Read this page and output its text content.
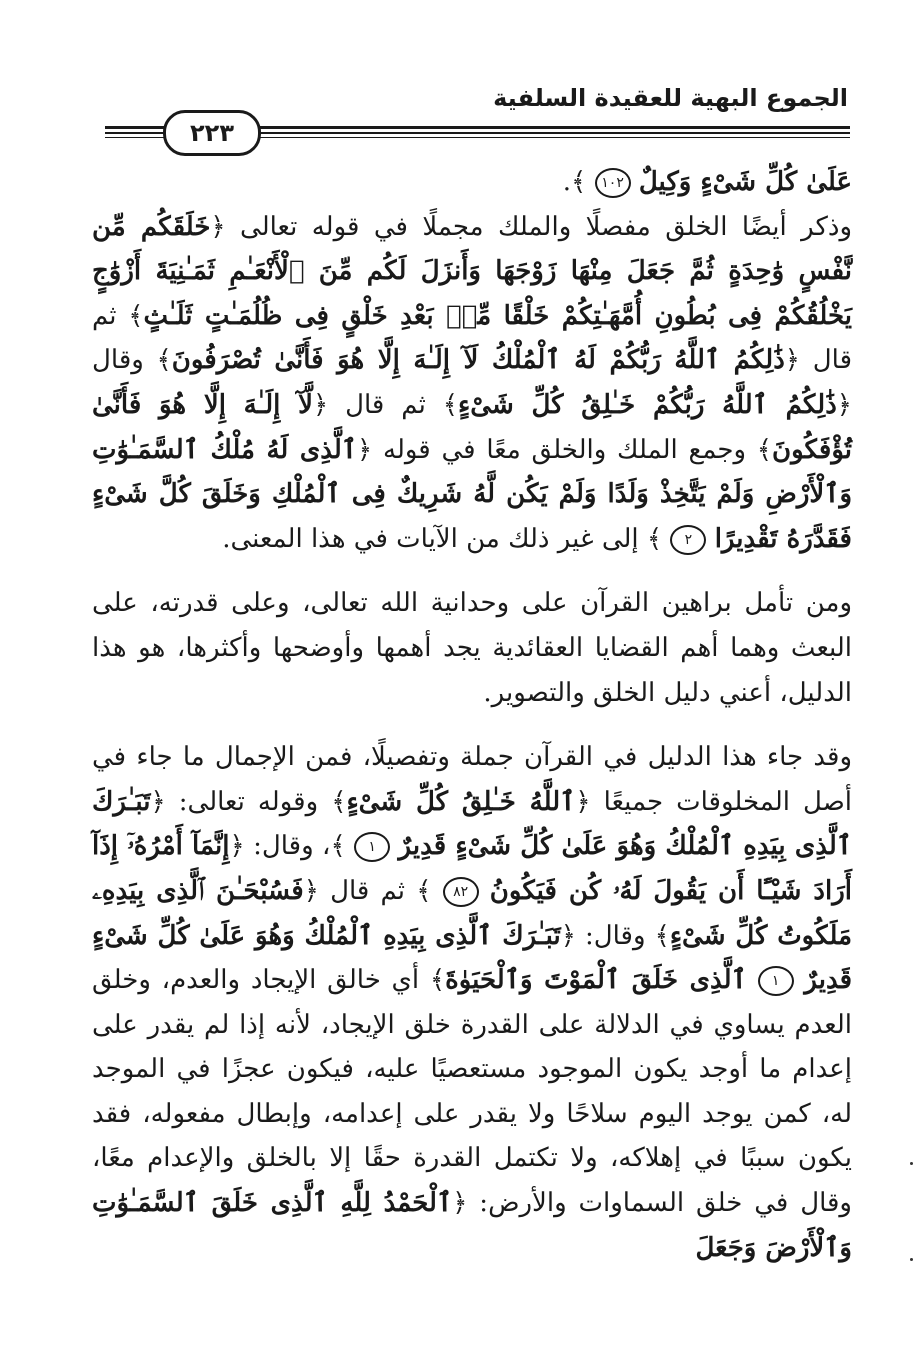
الجموع البهية للعقيدة السلفية
٢٢٣

عَلَىٰ كُلِّ شَىْءٍ وَكِيلٌ ١٠٢ ﴾.

وذكر أيضًا الخلق مفصلًا والملك مجملًا في قوله تعالى ﴿خَلَقَكُم مِّن نَّفْسٍ وَٰحِدَةٍ ثُمَّ جَعَلَ مِنْهَا زَوْجَهَا وَأَنزَلَ لَكُم مِّنَ ٱلْأَنْعَـٰمِ ثَمَـٰنِيَةَ أَزْوَٰجٍ يَخْلُقُكُمْ فِى بُطُونِ أُمَّهَـٰتِكُمْ خَلْقًا مِّنۢ بَعْدِ خَلْقٍ فِى ظُلُمَـٰتٍ ثَلَـٰثٍ﴾ ثم قال ﴿ذَٰلِكُمُ ٱللَّهُ رَبُّكُمْ لَهُ ٱلْمُلْكُ لَآ إِلَـٰهَ إِلَّا هُوَ فَأَنَّىٰ تُصْرَفُونَ﴾ وقال ﴿ذَٰلِكُمُ ٱللَّهُ رَبُّكُمْ خَـٰلِقُ كُلِّ شَىْءٍ﴾ ثم قال ﴿لَّآ إِلَـٰهَ إِلَّا هُوَ فَأَنَّىٰ تُؤْفَكُونَ﴾ وجمع الملك والخلق معًا في قوله ﴿ٱلَّذِى لَهُ مُلْكُ ٱلسَّمَـٰوَٰتِ وَٱلْأَرْضِ وَلَمْ يَتَّخِذْ وَلَدًا وَلَمْ يَكُن لَّهُ شَرِيكٌ فِى ٱلْمُلْكِ وَخَلَقَ كُلَّ شَىْءٍ فَقَدَّرَهُ تَقْدِيرًا ٢ ﴾ إلى غير ذلك من الآيات في هذا المعنى.

ومن تأمل براهين القرآن على وحدانية الله تعالى، وعلى قدرته، على البعث وهما أهم القضايا العقائدية يجد أهمها وأوضحها وأكثرها، هو هذا الدليل، أعني دليل الخلق والتصوير.

وقد جاء هذا الدليل في القرآن جملة وتفصيلًا، فمن الإجمال ما جاء في أصل المخلوقات جميعًا ﴿ٱللَّهُ خَـٰلِقُ كُلِّ شَىْءٍ﴾ وقوله تعالى: ﴿تَبَـٰرَكَ ٱلَّذِى بِيَدِهِ ٱلْمُلْكُ وَهُوَ عَلَىٰ كُلِّ شَىْءٍ قَدِيرٌ ١ ﴾، وقال: ﴿إِنَّمَآ أَمْرُهُۥٓ إِذَآ أَرَادَ شَيْـًٔا أَن يَقُولَ لَهُۥ كُن فَيَكُونُ ٨٢ ﴾ ثم قال ﴿فَسُبْحَـٰنَ ٱلَّذِى بِيَدِهِۦ مَلَكُوتُ كُلِّ شَىْءٍ﴾ وقال: ﴿تَبَـٰرَكَ ٱلَّذِى بِيَدِهِ ٱلْمُلْكُ وَهُوَ عَلَىٰ كُلِّ شَىْءٍ قَدِيرٌ ١ ٱلَّذِى خَلَقَ ٱلْمَوْتَ وَٱلْحَيَوٰةَ﴾ أي خالق الإيجاد والعدم، وخلق العدم يساوي في الدلالة على القدرة خلق الإيجاد، لأنه إذا لم يقدر على إعدام ما أوجد يكون الموجود مستعصيًا عليه، فيكون عجزًا في الموجد له، كمن يوجد اليوم سلاحًا ولا يقدر على إعدامه، وإبطال مفعوله، فقد يكون سببًا في إهلاكه، ولا تكتمل القدرة حقًا إلا بالخلق والإعدام معًا، وقال في خلق السماوات والأرض: ﴿ٱلْحَمْدُ لِلَّهِ ٱلَّذِى خَلَقَ ٱلسَّمَـٰوَٰتِ وَٱلْأَرْضَ وَجَعَلَ
